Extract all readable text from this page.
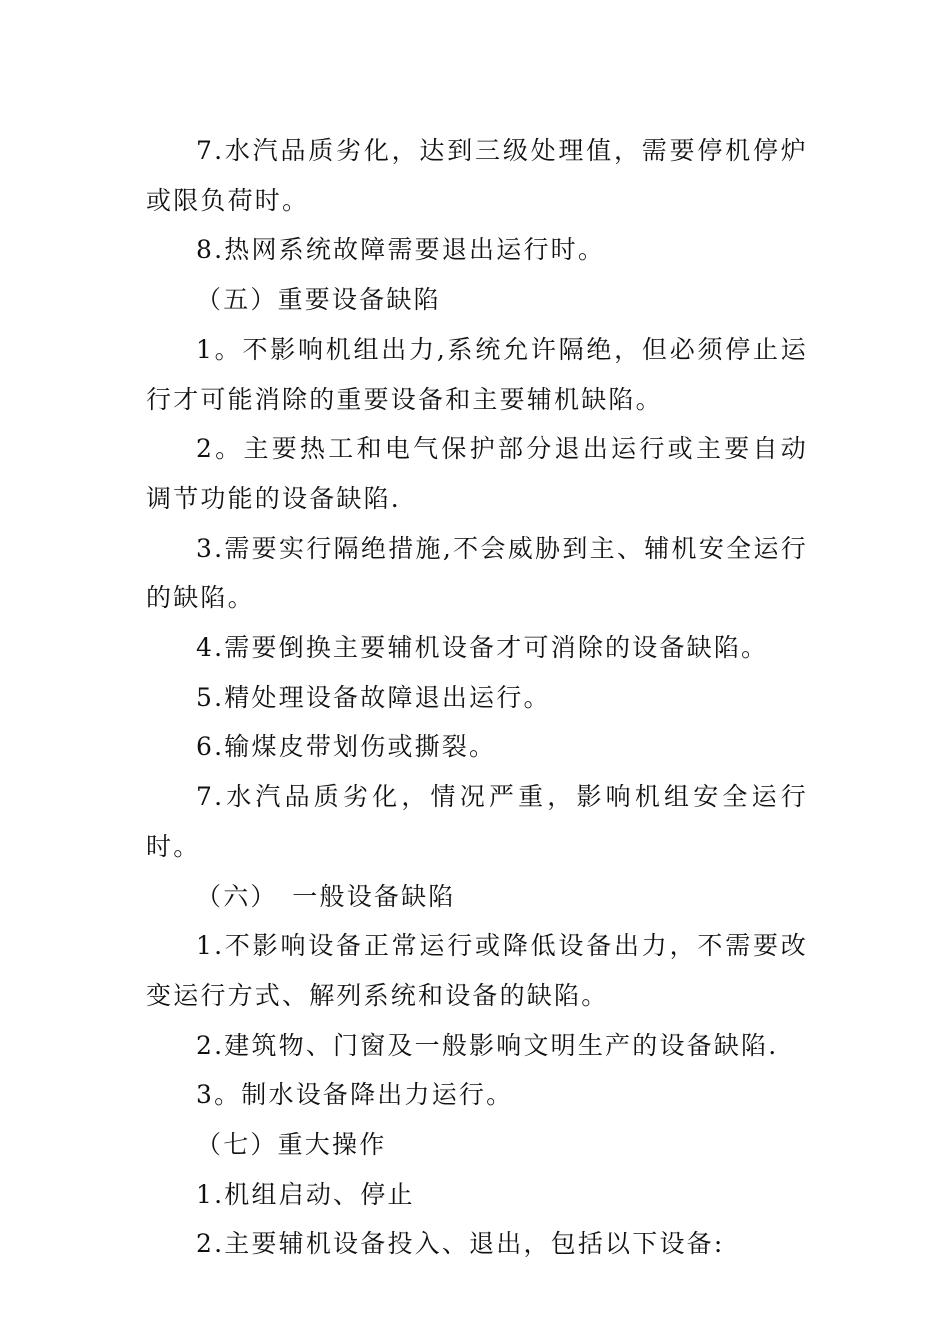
7.水汽品质劣化，达到三级处理值，需要停机停炉或限负荷时。

8.热网系统故障需要退出运行时。

（五）重要设备缺陷

1。不影响机组出力,系统允许隔绝，但必须停止运行才可能消除的重要设备和主要辅机缺陷。

2。主要热工和电气保护部分退出运行或主要自动调节功能的设备缺陷.

3.需要实行隔绝措施,不会威胁到主、辅机安全运行的缺陷。

4.需要倒换主要辅机设备才可消除的设备缺陷。

5.精处理设备故障退出运行。

6.输煤皮带划伤或撕裂。

7.水汽品质劣化，情况严重，影响机组安全运行时。

（六）　一般设备缺陷

1.不影响设备正常运行或降低设备出力，不需要改变运行方式、解列系统和设备的缺陷。

2.建筑物、门窗及一般影响文明生产的设备缺陷.

3。制水设备降出力运行。

（七）重大操作

1.机组启动、停止

2.主要辅机设备投入、退出，包括以下设备:
